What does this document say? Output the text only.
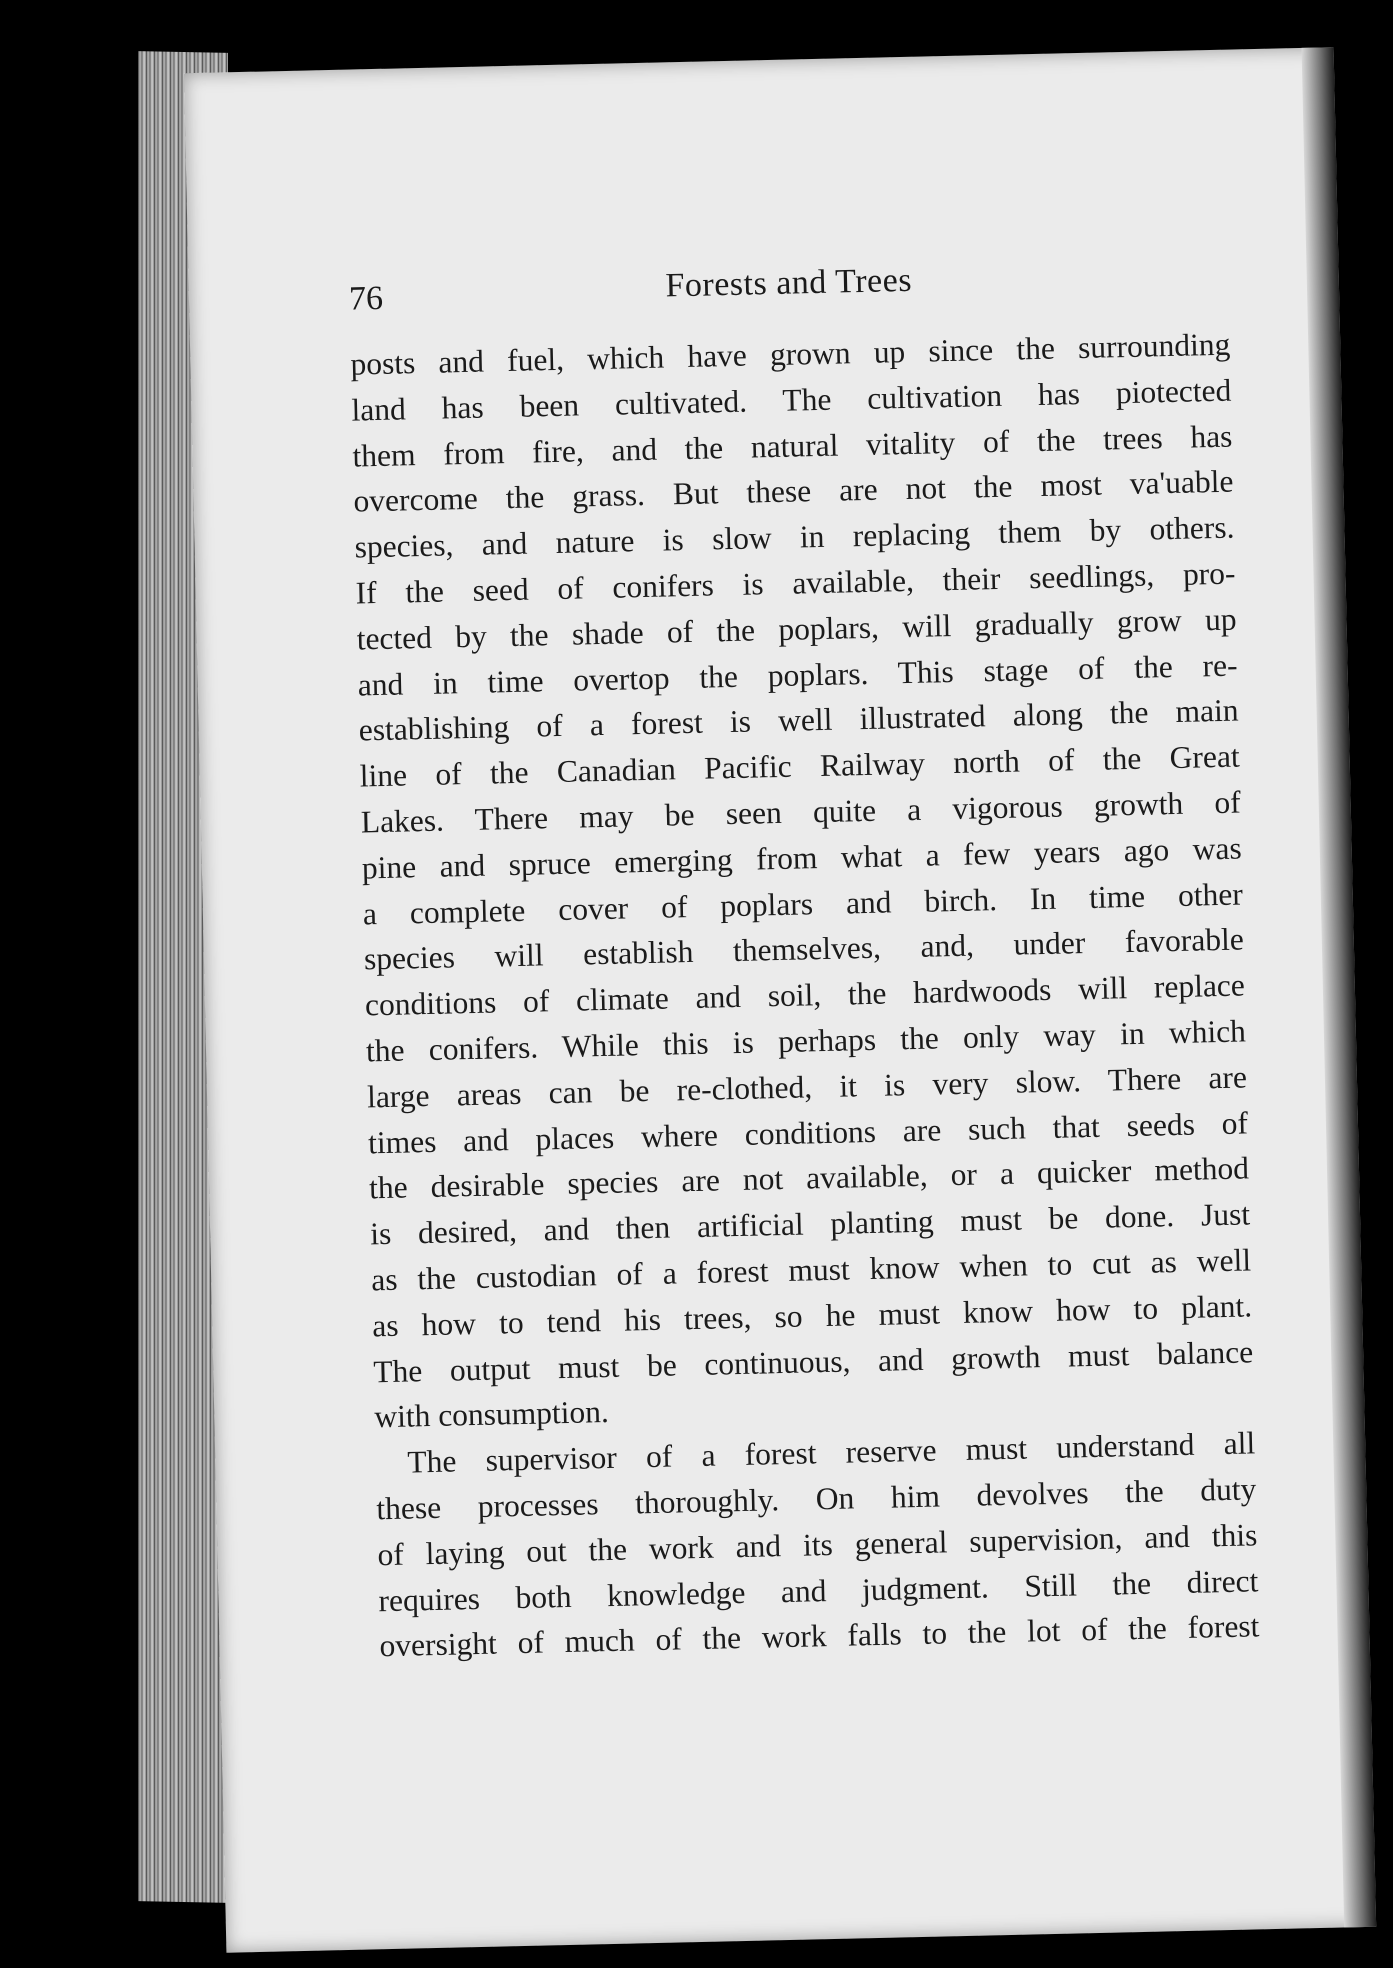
76	Forests and Trees
posts and fuel, which have grown up since the surrounding
land has been cultivated. The cultivation has piotected
them from fire, and the natural vitality of the trees has
overcome the grass. But these are not the most va'uable
species, and nature is slow in replacing them by others.
If the seed of conifers is available, their seedlings, pro-
tected by the shade of the poplars, will gradually grow up
and in time overtop the poplars. This stage of the re-
establishing of a forest is well illustrated along the main
line of the Canadian Pacific Railway north of the Great
Lakes. There may be seen quite a vigorous growth of
pine and spruce emerging from what a few years ago was
a complete cover of poplars and birch. In time other
species will establish themselves, and, under favorable
conditions of climate and soil, the hardwoods will replace
the conifers. While this is perhaps the only way in which
large areas can be re-clothed, it is very slow. There are
times and places where conditions are such that seeds of
the desirable species are not available, or a quicker method
is desired, and then artificial planting must be done. Just
as the custodian of a forest must know when to cut as well
as how to tend his trees, so he must know how to plant.
The output must be continuous, and growth must balance
with consumption.
The supervisor of a forest reserve must understand all
these processes thoroughly. On him devolves the duty
of laying out the work and its general supervision, and this
requires both knowledge and judgment. Still the direct
oversight of much of the work falls to the lot of the forest
